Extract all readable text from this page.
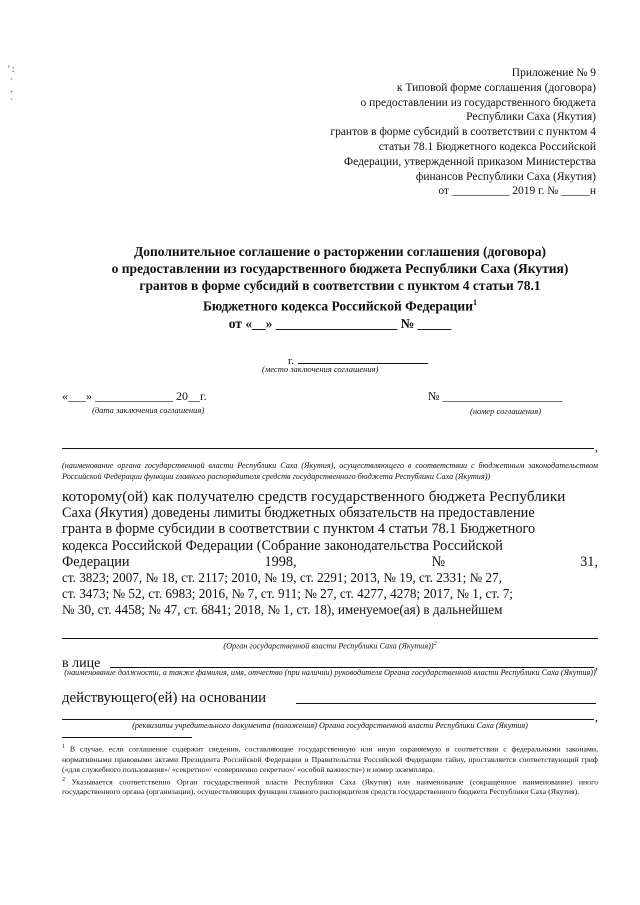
' :
·
.
·
Приложение № 9
к Типовой форме соглашения (договора)
о предоставлении из государственного бюджета
Республики Саха (Якутия)
грантов в форме субсидий в соответствии с пунктом 4
статьи 78.1 Бюджетного кодекса Российской
Федерации, утвержденной приказом Министерства
финансов Республики Саха (Якутия)
от __________ 2019 г. № _____н
Дополнительное соглашение о расторжении соглашения (договора)
о предоставлении из государственного бюджета Республики Саха (Якутия)
грантов в форме субсидий в соответствии с пунктом 4 статьи 78.1
Бюджетного кодекса Российской Федерации$^1$
от «__» __________________ № _____
г.
(место заключения соглашения)
«___» _____________ 20__г.
(дата заключения соглашения)
№ ____________________
(номер соглашения)
,
(наименование органа государственной власти Республики Саха (Якутия), осуществляющего в соответствии с бюджетным законодательством Российской Федерации функции главного распорядителя средств государственного бюджета Республики Саха (Якутия))
которому(ой) как получателю средств государственного бюджета Республики
Саха (Якутия) доведены лимиты бюджетных обязательств на предоставление
гранта в форме субсидии в соответствии с пунктом 4 статьи 78.1 Бюджетного
кодекса Российской Федерации (Собрание законодательства Российской
Федерации	1998,	№	31,
ст. 3823; 2007, № 18, ст. 2117; 2010, № 19, ст. 2291; 2013, № 19, ст. 2331; № 27,
ст. 3473; № 52, ст. 6983; 2016, № 7, ст. 911; № 27, ст. 4277, 4278; 2017, № 1, ст. 7;
№ 30, ст. 4458; № 47, ст. 6841; 2018, № 1, ст. 18), именуемое(ая) в дальнейшем
(Орган государственной власти Республики Саха (Якутия))$^2$
в лице	,
(наименование должности, а также фамилия, имя, отчество (при наличии) руководителя Органа государственной власти Республики Саха (Якутия))
действующего(ей) на основании
,
(реквизиты учредительного документа (положения) Органа государственной власти Республики Саха (Якутия)

$^1$ В случае, если соглашение содержит сведения, составляющие государственную или иную охраняемую в соответствии с федеральными законами, нормативными правовыми актами Президента Российской Федерации и Правительства Российской Федерации тайну, проставляется соответствующий гриф («для служебного пользования»/ «секретно»/ «совершенно секретно»/ «особой важности») и номер экземпляра.

$^2$ Указывается соответственно Орган государственной власти Республики Саха (Якутия) или наименование (сокращенное наименование) иного государственного органа (организации), осуществляющих функции главного распорядителя средств государственного бюджета Республики Саха (Якутия).
